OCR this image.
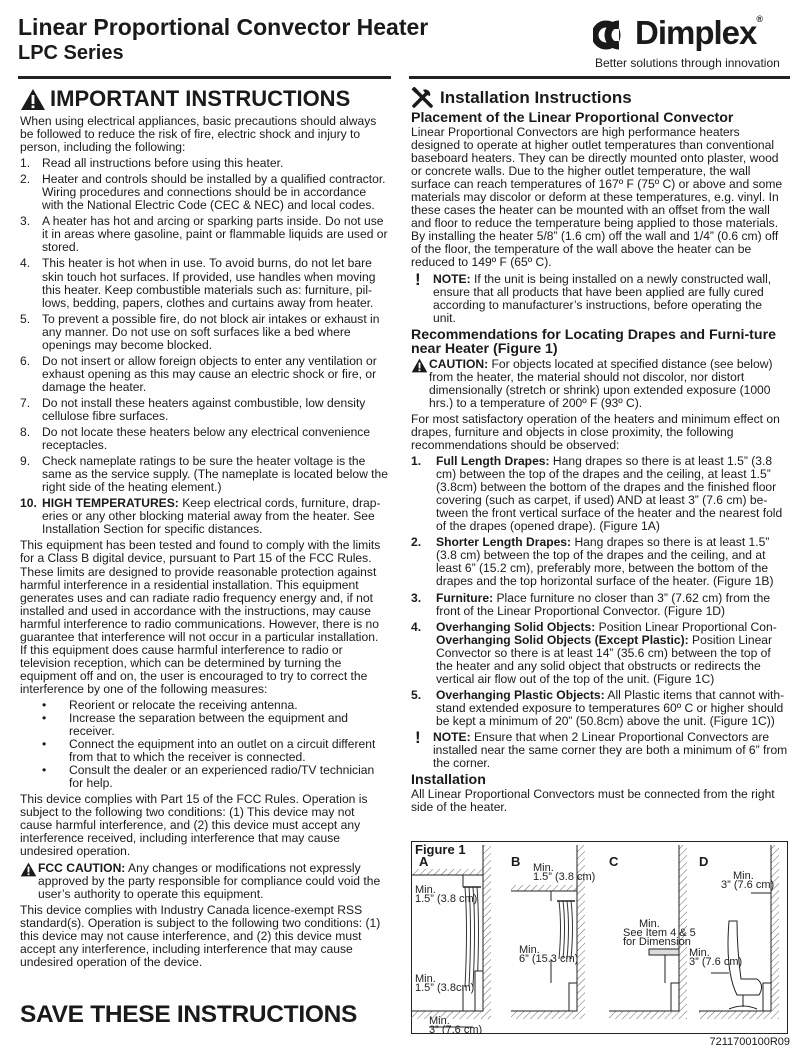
Linear Proportional Convector Heater
LPC Series
Dimplex®
Better solutions through innovation
IMPORTANT INSTRUCTIONS

When using electrical appliances, basic precautions should always be followed to reduce the risk of fire, electric shock and injury to person, including the following:

1. Read all instructions before using this heater.
2. Heater and controls should be installed by a qualified contractor. Wiring procedures and connections should be in accordance with the National Electric Code (CEC & NEC) and local codes.
3. A heater has hot and arcing or sparking parts inside. Do not use it in areas where gasoline, paint or flammable liquids are used or stored.
4. This heater is hot when in use. To avoid burns, do not let bare skin touch hot surfaces. If provided, use handles when moving this heater. Keep combustible materials such as: furniture, pil-lows, bedding, papers, clothes and curtains away from heater.
5. To prevent a possible fire, do not block air intakes or exhaust in any manner. Do not use on soft surfaces like a bed where openings may become blocked.
6. Do not insert or allow foreign objects to enter any ventilation or exhaust opening as this may cause an electric shock or fire, or damage the heater.
7. Do not install these heaters against combustible, low density cellulose fibre surfaces.
8. Do not locate these heaters below any electrical convenience receptacles.
9. Check nameplate ratings to be sure the heater voltage is the same as the service supply. (The nameplate is located below the right side of the heating element.)
10. HIGH TEMPERATURES: Keep electrical cords, furniture, drap-eries or any other blocking material away from the heater. See Installation Section for specific distances.

This equipment has been tested and found to comply with the limits for a Class B digital device, pursuant to Part 15 of the FCC Rules. These limits are designed to provide reasonable protection against harmful interference in a residential installation. This equipment generates uses and can radiate radio frequency energy and, if not installed and used in accordance with the instructions, may cause harmful interference to radio communications. However, there is no guarantee that interference will not occur in a particular installation. If this equipment does cause harmful interference to radio or television reception, which can be determined by turning the equipment off and on, the user is encouraged to try to correct the interference by one of the following measures:

• Reorient or relocate the receiving antenna.
• Increase the separation between the equipment and receiver.
• Connect the equipment into an outlet on a circuit different from that to which the receiver is connected.
• Consult the dealer or an experienced radio/TV technician for help.

This device complies with Part 15 of the FCC Rules. Operation is subject to the following two conditions: (1) This device may not cause harmful interference, and (2) this device must accept any interference received, including interference that may cause undesired operation.

FCC CAUTION: Any changes or modifications not expressly approved by the party responsible for compliance could void the user’s authority to operate this equipment.

This device complies with Industry Canada licence-exempt RSS standard(s). Operation is subject to the following two conditions: (1) this device may not cause interference, and (2) this device must accept any interference, including interference that may cause undesired operation of the device.

SAVE THESE INSTRUCTIONS
Installation Instructions
Placement of the Linear Proportional Convector

Linear Proportional Convectors are high performance heaters designed to operate at higher outlet temperatures than conventional baseboard heaters. They can be directly mounted onto plaster, wood or concrete walls. Due to the higher outlet temperature, the wall surface can reach temperatures of 167º F (75º C) or above and some materials may discolor or deform at these temperatures, e.g. vinyl. In these cases the heater can be mounted with an offset from the wall and floor to reduce the temperature being applied to those materials. By installing the heater 5/8” (1.6 cm) off the wall and 1/4” (0.6 cm) off of the floor, the temperature of the wall above the heater can be reduced to 149º F (65º C).

! NOTE: If the unit is being installed on a newly constructed wall, ensure that all products that have been applied are fully cured according to manufacturer’s instructions, before operating the unit.
Recommendations for Locating Drapes and Furni-ture near Heater (Figure 1)
CAUTION: For objects located at specified distance (see below) from the heater, the material should not discolor, nor distort dimensionally (stretch or shrink) upon extended exposure (1000 hrs.) to a temperature of 200º F (93º C).

For most satisfactory operation of the heaters and minimum effect on drapes, furniture and objects in close proximity, the following recommendations should be observed:

1. Full Length Drapes: Hang drapes so there is at least 1.5” (3.8 cm) between the top of the drapes and the ceiling, at least 1.5” (3.8cm) between the bottom of the drapes and the finished floor covering (such as carpet, if used) AND at least 3” (7.6 cm) be-tween the front vertical surface of the heater and the nearest fold of the drapes (opened drape). (Figure 1A)
2. Shorter Length Drapes: Hang drapes so there is at least 1.5” (3.8 cm) between the top of the drapes and the ceiling, and at least 6” (15.2 cm), preferably more, between the bottom of the drapes and the top horizontal surface of the heater. (Figure 1B)
3. Furniture: Place furniture no closer than 3” (7.62 cm) from the front of the Linear Proportional Convector. (Figure 1D)
4. Overhanging Solid Objects: Position Linear Proportional Con-
Overhanging Solid Objects (Except Plastic): Position Linear Convector so there is at least 14” (35.6 cm) between the top of the heater and any solid object that obstructs or redirects the vertical air flow out of the top of the unit. (Figure 1C)
5. Overhanging Plastic Objects: All Plastic items that cannot with-stand extended exposure to temperatures 60º C or higher should be kept a minimum of 20” (50.8cm) above the unit. (Figure 1C))
! NOTE: Ensure that when 2 Linear Proportional Convectors are installed near the same corner they are both a minimum of 6” from the corner.
Installation

All Linear Proportional Convectors must be connected from the right side of the heater.

Figure 1
A	B	C	D
Min.
1.5” (3.8 cm)
Min.
1.5” (3.8cm)
Min.
3” (7.6 cm)
Min.
1.5” (3.8 cm)
Min.
6” (15.3 cm)
Min.
See Item 4 & 5
for Dimension
Min.
3” (7.6 cm)
Min.
3” (7.6 cm)
7211700100R09
